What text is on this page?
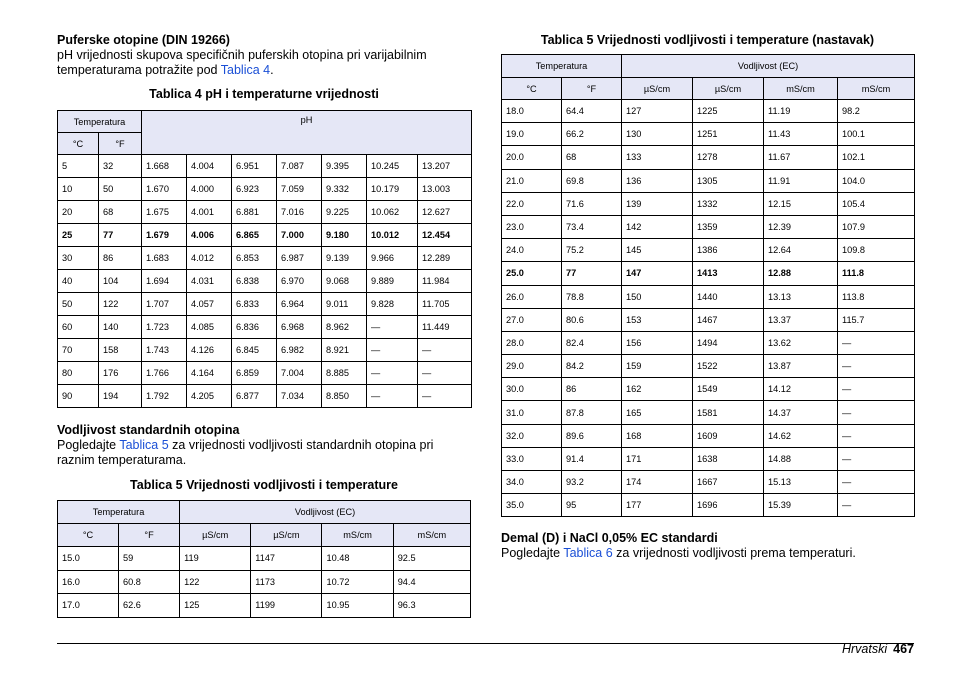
Puferske otopine (DIN 19266)
pH vrijednosti skupova specifičnih puferskih otopina pri varijabilnim temperaturama potražite pod Tablica 4.
Tablica 4 pH i temperaturne vrijednosti
Temperatura		pH						
°C	°F							
5	32	1.668	4.004	6.951	7.087	9.395	10.245	13.207
10	50	1.670	4.000	6.923	7.059	9.332	10.179	13.003
20	68	1.675	4.001	6.881	7.016	9.225	10.062	12.627
25	77	1.679	4.006	6.865	7.000	9.180	10.012	12.454
30	86	1.683	4.012	6.853	6.987	9.139	9.966	12.289
40	104	1.694	4.031	6.838	6.970	9.068	9.889	11.984
50	122	1.707	4.057	6.833	6.964	9.011	9.828	11.705
60	140	1.723	4.085	6.836	6.968	8.962	—	11.449
70	158	1.743	4.126	6.845	6.982	8.921	—	—
80	176	1.766	4.164	6.859	7.004	8.885	—	—
90	194	1.792	4.205	6.877	7.034	8.850	—	—
Vodljivost standardnih otopina
Pogledajte Tablica 5 za vrijednosti vodljivosti standardnih otopina pri raznim temperaturama.
Tablica 5 Vrijednosti vodljivosti i temperature
Temperatura		Vodljivost (EC)			
°C	°F	µS/cm	µS/cm	mS/cm	mS/cm
15.0	59	119	1147	10.48	92.5
16.0	60.8	122	1173	10.72	94.4
17.0	62.6	125	1199	10.95	96.3
Tablica 5 Vrijednosti vodljivosti i temperature (nastavak)
Temperatura		Vodljivost (EC)			
°C	°F	µS/cm	µS/cm	mS/cm	mS/cm
18.0	64.4	127	1225	11.19	98.2
19.0	66.2	130	1251	11.43	100.1
20.0	68	133	1278	11.67	102.1
21.0	69.8	136	1305	11.91	104.0
22.0	71.6	139	1332	12.15	105.4
23.0	73.4	142	1359	12.39	107.9
24.0	75.2	145	1386	12.64	109.8
25.0	77	147	1413	12.88	111.8
26.0	78.8	150	1440	13.13	113.8
27.0	80.6	153	1467	13.37	115.7
28.0	82.4	156	1494	13.62	—
29.0	84.2	159	1522	13.87	—
30.0	86	162	1549	14.12	—
31.0	87.8	165	1581	14.37	—
32.0	89.6	168	1609	14.62	—
33.0	91.4	171	1638	14.88	—
34.0	93.2	174	1667	15.13	—
35.0	95	177	1696	15.39	—
Demal (D) i NaCl 0,05% EC standardi
Pogledajte Tablica 6 za vrijednosti vodljivosti prema temperaturi.
Hrvatski 467
